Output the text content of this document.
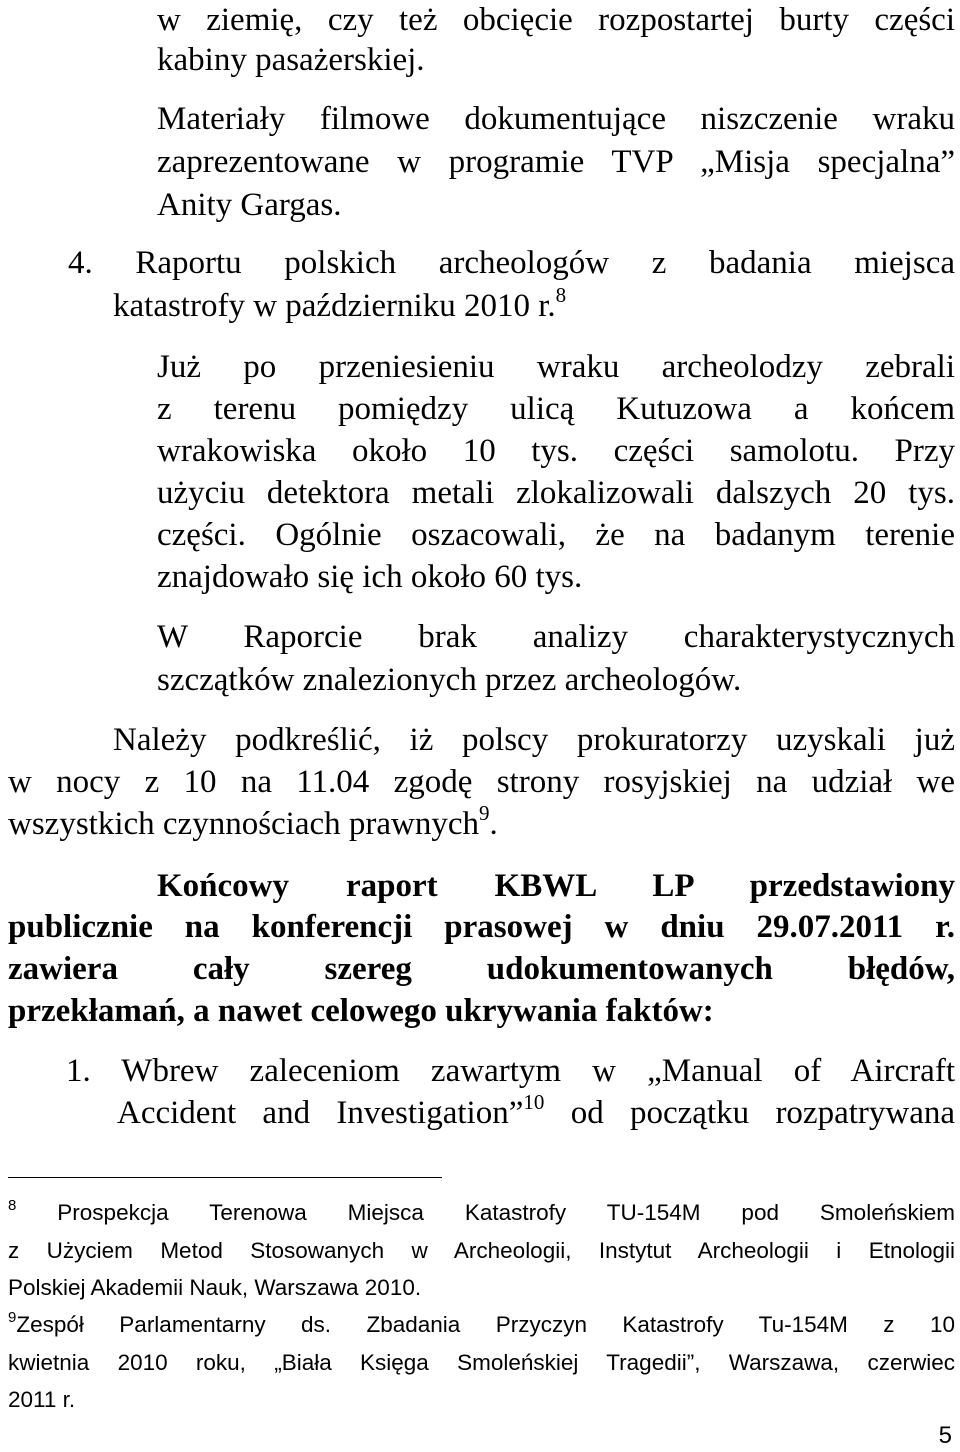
w ziemię, czy też obcięcie rozpostartej burty części
kabiny pasażerskiej.
Materiały filmowe dokumentujące niszczenie wraku
zaprezentowane w programie TVP „Misja specjalna”
Anity Gargas.
4. Raportu polskich archeologów z badania miejsca
katastrofy w październiku 2010 r.$^8$
Już po przeniesieniu wraku archeolodzy zebrali
z terenu pomiędzy ulicą Kutuzowa a końcem
wrakowiska około 10 tys. części samolotu. Przy
użyciu detektora metali zlokalizowali dalszych 20 tys.
części. Ogólnie oszacowali, że na badanym terenie
znajdowało się ich około 60 tys.
W Raporcie brak analizy charakterystycznych
szczątków znalezionych przez archeologów.
Należy podkreślić, iż polscy prokuratorzy uzyskali już
w nocy z 10 na 11.04 zgodę strony rosyjskiej na udział we
wszystkich czynnościach prawnych$^9$.
Końcowy raport KBWL LP przedstawiony
publicznie na konferencji prasowej w dniu 29.07.2011 r.
zawiera cały szereg udokumentowanych błędów,
przekłamań, a nawet celowego ukrywania faktów:
1. Wbrew zaleceniom zawartym w „Manual of Aircraft
Accident and Investigation”$^{10}$ od początku rozpatrywana
$^8$ Prospekcja Terenowa Miejsca Katastrofy TU-154M pod Smoleńskiem
z Użyciem Metod Stosowanych w Archeologii, Instytut Archeologii i Etnologii
Polskiej Akademii Nauk, Warszawa 2010.
$^9$Zespół Parlamentarny ds. Zbadania Przyczyn Katastrofy Tu-154M z 10
kwietnia 2010 roku, „Biała Księga Smoleńskiej Tragedii”, Warszawa, czerwiec
2011 r.
5
